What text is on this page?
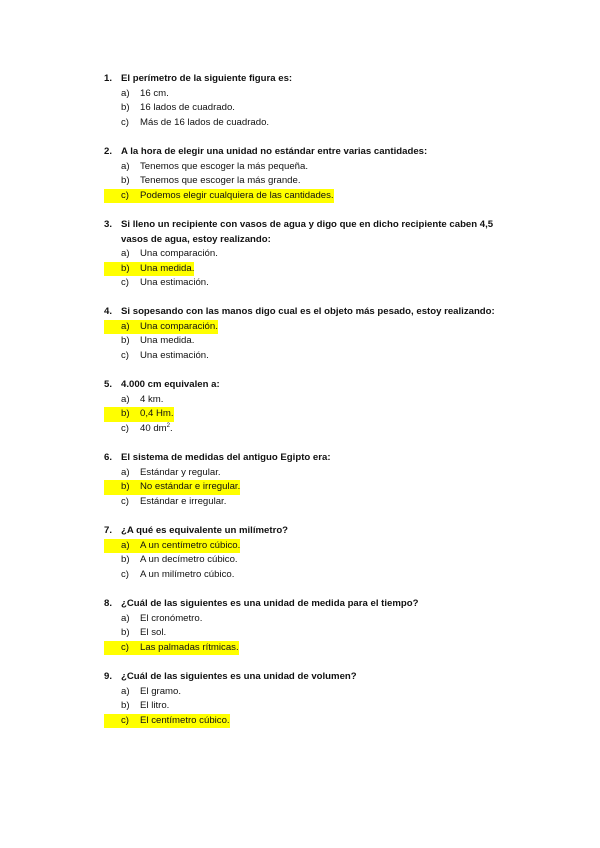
1. El perímetro de la siguiente figura es:
a)	16 cm.
b)	16 lados de cuadrado.
c)	Más de 16 lados de cuadrado.
2. A la hora de elegir una unidad no estándar entre varias cantidades:
a)	Tenemos que escoger la más pequeña.
b)	Tenemos que escoger la más grande.
c)	Podemos elegir cualquiera de las cantidades.
3. Si lleno un recipiente con vasos de agua y digo que en dicho recipiente caben 4,5 vasos de agua, estoy realizando:
a)	Una comparación.
b)	Una medida.
c)	Una estimación.
4. Si sopesando con las manos digo cual es el objeto más pesado, estoy realizando:
a)	Una comparación.
b)	Una medida.
c)	Una estimación.
5. 4.000 cm equivalen a:
a)	4 km.
b)	0,4 Hm.
c)	40 $dm^2$.
6. El sistema de medidas del antiguo Egipto era:
a)	Estándar y regular.
b)	No estándar e irregular.
c)	Estándar e irregular.
7. ¿A qué es equivalente un milímetro?
a)	A un centímetro cúbico.
b)	A un decímetro cúbico.
c)	A un milímetro cúbico.
8. ¿Cuál de las siguientes es una unidad de medida para el tiempo?
a)	El cronómetro.
b)	El sol.
c)	Las palmadas rítmicas.
9. ¿Cuál de las siguientes es una unidad de volumen?
a)	El gramo.
b)	El litro.
c)	El centímetro cúbico.
